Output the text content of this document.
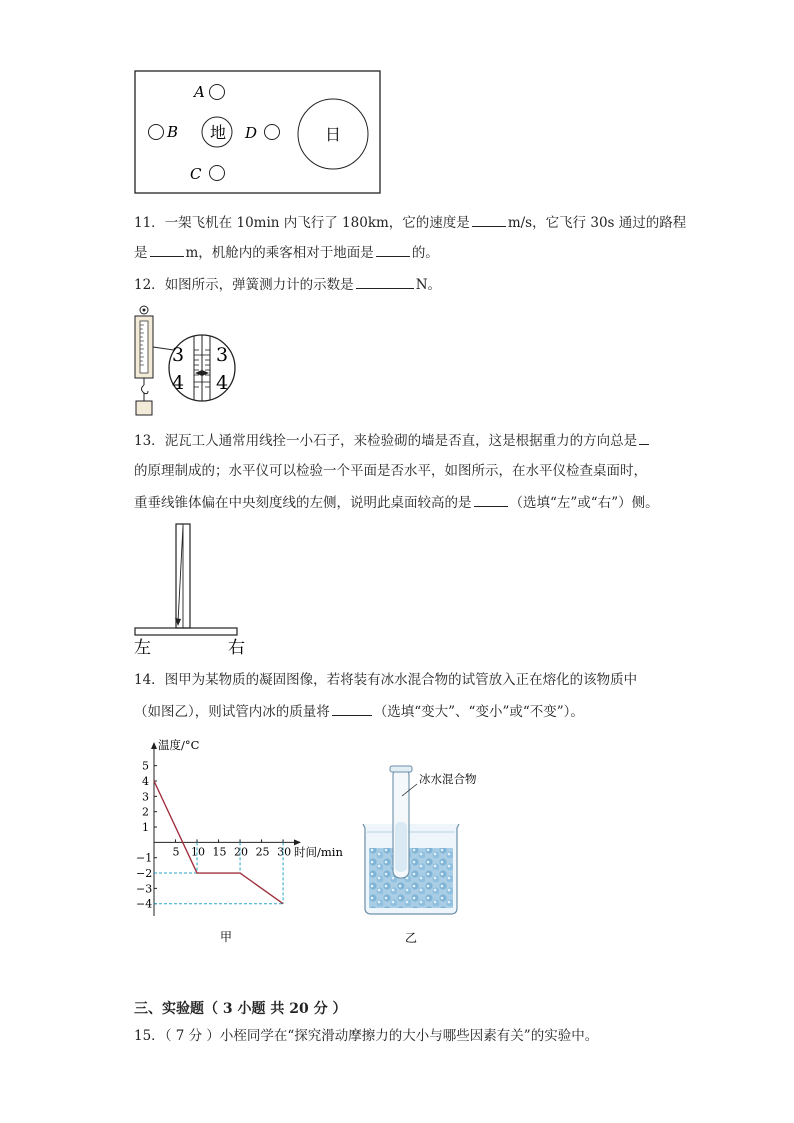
A
B 地 D
C
日
11．一架飞机在 10min 内飞行了 180km，它的速度是	m/s，它飞行 30s 通过的路程
是	m，机舱内的乘客相对于地面是	的。
12．如图所示，弹簧测力计的示数是	N。
3
4
3
4
13．泥瓦工人通常用线拴一小石子，来检验砌的墙是否直，这是根据重力的方向总是
的原理制成的；水平仪可以检验一个平面是否水平，如图所示，在水平仪检查桌面时，
重垂线锥体偏在中央刻度线的左侧，说明此桌面较高的是	（选填“左”或“右”）侧。
左	右
14．图甲为某物质的凝固图像，若将装有冰水混合物的试管放入正在熔化的该物质中
（如图乙），则试管内冰的质量将	（选填“变大”、“变小”或“不变”）。
5
4
3
2
1
−1
−2
−3
−4
5 10 15 20 25 30
温度/°C
时间/min
甲
冰水混合物
乙
三、实验题（ 3 小题 共 20 分 ）
15．（ 7 分 ）小桎同学在“探究滑动摩擦力的大小与哪些因素有关”的实验中。
